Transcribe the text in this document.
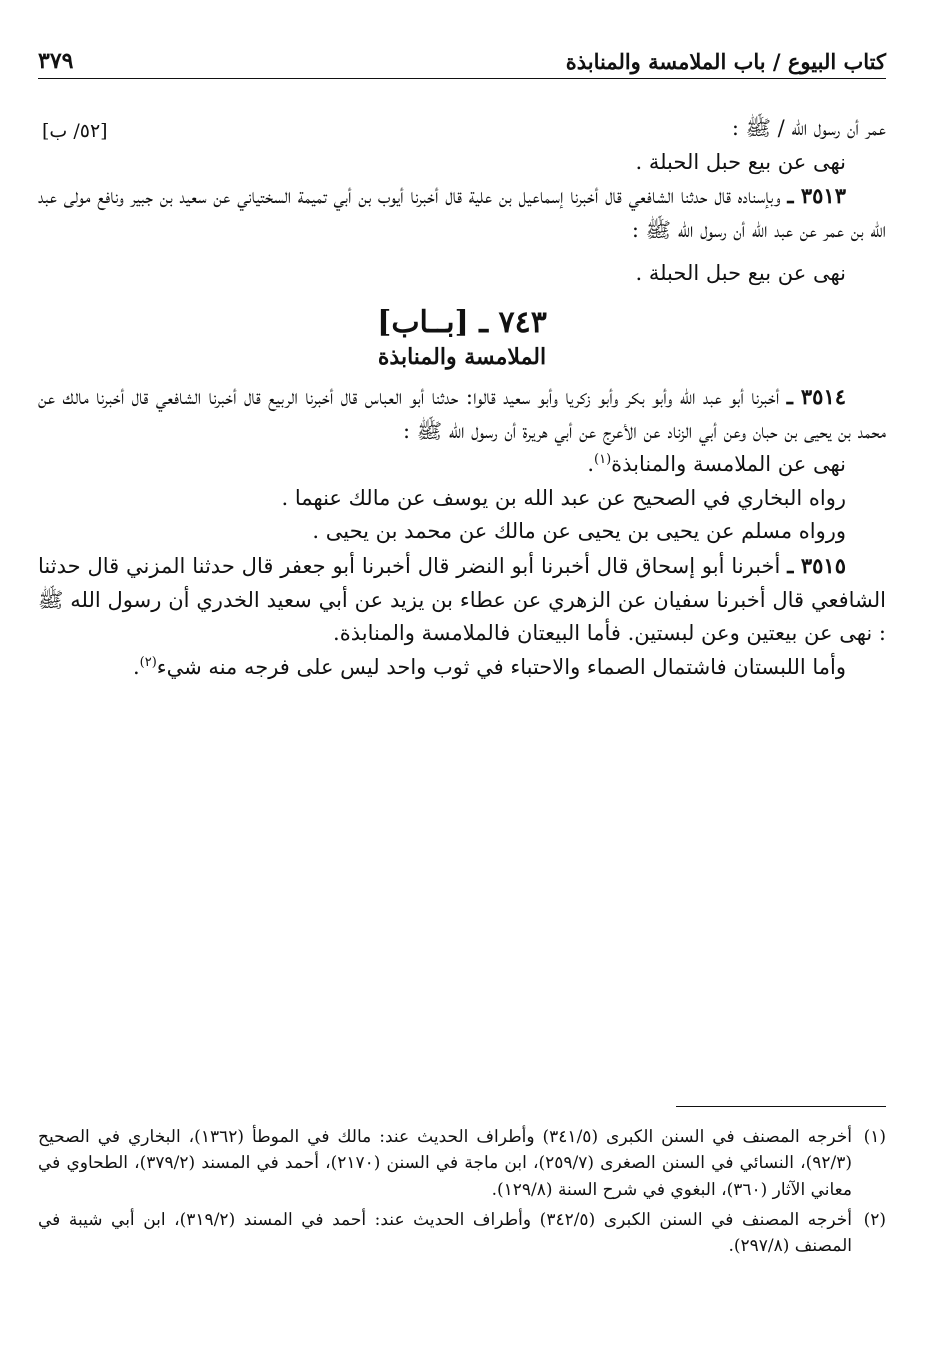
كتاب البيوع / باب الملامسة والمنابذة
٣٧٩
[٥٢/ ب]	عمر أن رسول الله / ﷺ :

نهى عن بيع حبل الحبلة .

٣٥١٣ ـ وبإسناده قال حدثنا الشافعي قال أخبرنا إسماعيل بن علية قال أخبرنا أيوب بن أبي تميمة السختياني عن سعيد بن جبير ونافع مولى عبد الله بن عمر عن عبد الله أن رسول الله ﷺ :

نهى عن بيع حبل الحبلة .

٧٤٣ ـ [بــاب]
الملامسة والمنابذة

٣٥١٤ ـ أخبرنا أبو عبد الله وأبو بكر وأبو زكريا وأبو سعيد قالوا: حدثنا أبو العباس قال أخبرنا الربيع قال أخبرنا الشافعي قال أخبرنا مالك عن محمد بن يحيى بن حبان وعن أبي الزناد عن الأعرج عن أبي هريرة أن رسول الله ﷺ :

نهى عن الملامسة والمنابذة$^{(١)}$.

رواه البخاري في الصحيح عن عبد الله بن يوسف عن مالك عنهما .

ورواه مسلم عن يحيى بن يحيى عن مالك عن محمد بن يحيى .

٣٥١٥ ـ أخبرنا أبو إسحاق قال أخبرنا أبو النضر قال أخبرنا أبو جعفر قال حدثنا المزني قال حدثنا الشافعي قال أخبرنا سفيان عن الزهري عن عطاء بن يزيد عن أبي سعيد الخدري أن رسول الله ﷺ : نهى عن بيعتين وعن لبستين. فأما البيعتان فالملامسة والمنابذة.

وأما اللبستان فاشتمال الصماء والاحتباء في ثوب واحد ليس على فرجه منه شيء$^{(٢)}$.

(١)
أخرجه المصنف في السنن الكبرى (٣٤١/٥) وأطراف الحديث عند: مالك في الموطأ (١٣٦٢)، البخاري في الصحيح (٩٢/٣)، النسائي في السنن الصغرى (٢٥٩/٧)، ابن ماجة في السنن (٢١٧٠)، أحمد في المسند (٣٧٩/٢)، الطحاوي في معاني الآثار (٣٦٠)، البغوي في شرح السنة (١٢٩/٨).
(٢)
أخرجه المصنف في السنن الكبرى (٣٤٢/٥) وأطراف الحديث عند: أحمد في المسند (٣١٩/٢)، ابن أبي شيبة في المصنف (٢٩٧/٨).
